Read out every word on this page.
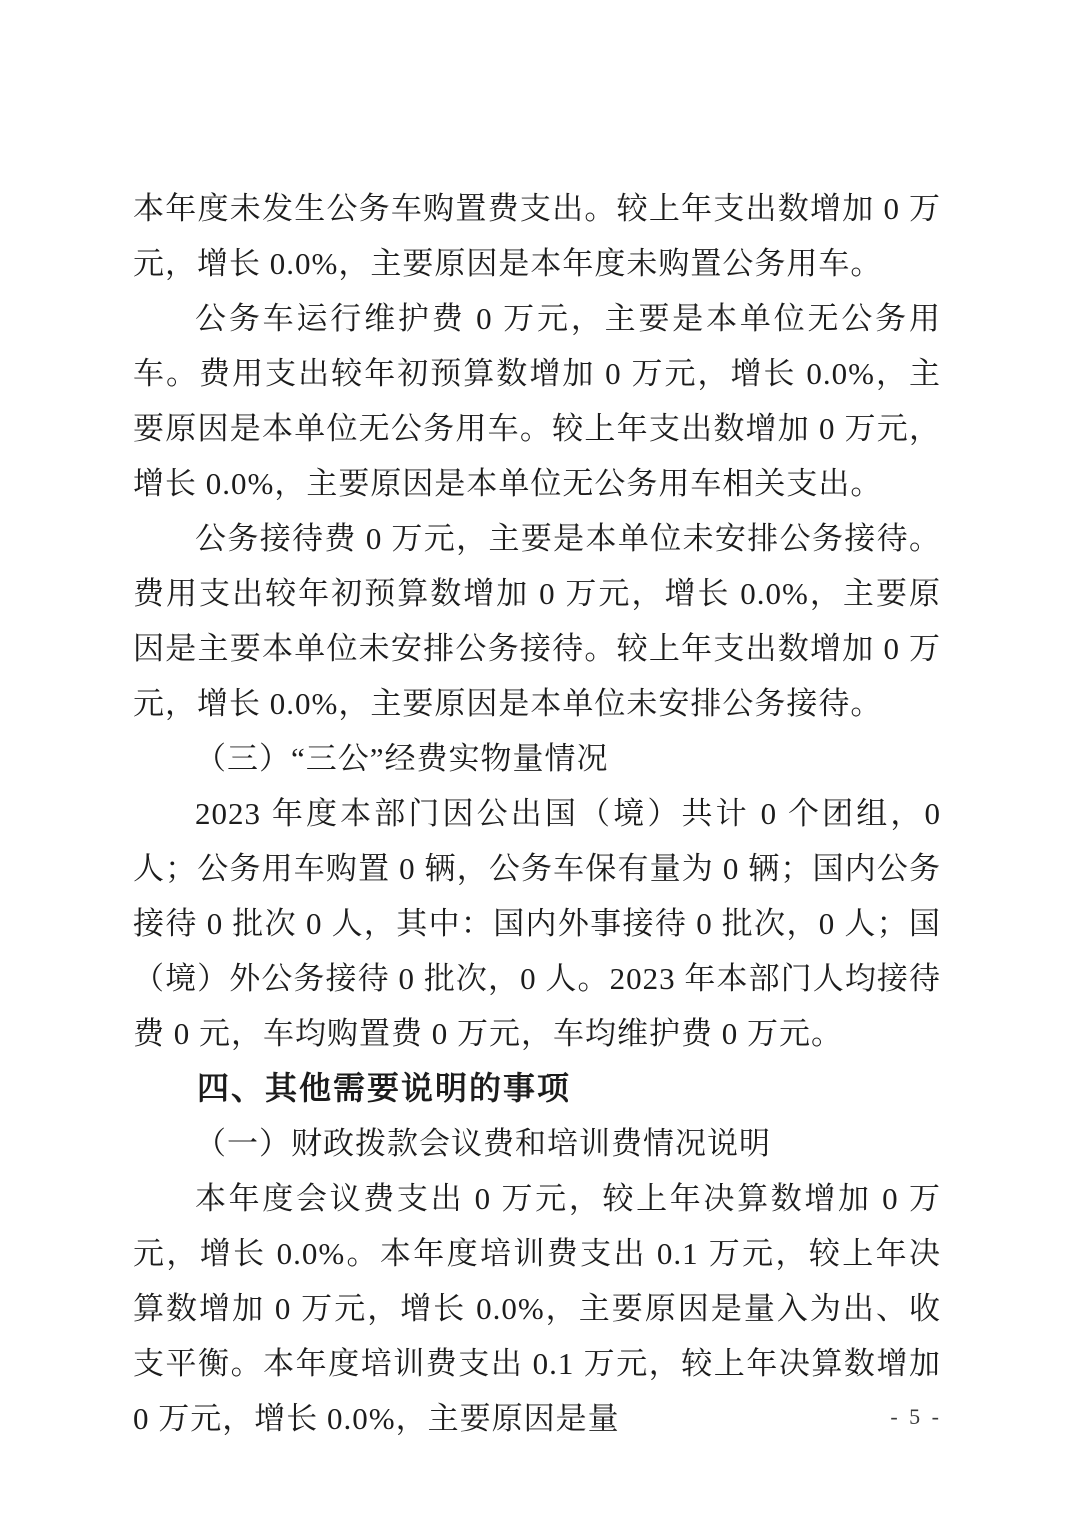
本年度未发生公务车购置费支出。较上年支出数增加 0 万元，增长 0.0%，主要原因是本年度未购置公务用车。

公务车运行维护费 0 万元，主要是本单位无公务用车。费用支出较年初预算数增加 0 万元，增长 0.0%，主要原因是本单位无公务用车。较上年支出数增加 0 万元，增长 0.0%，主要原因是本单位无公务用车相关支出。

公务接待费 0 万元，主要是本单位未安排公务接待。费用支出较年初预算数增加 0 万元，增长 0.0%，主要原因是主要本单位未安排公务接待。较上年支出数增加 0 万元，增长 0.0%，主要原因是本单位未安排公务接待。

（三）“三公”经费实物量情况

2023 年度本部门因公出国（境）共计 0 个团组，0 人；公务用车购置 0 辆，公务车保有量为 0 辆；国内公务接待 0 批次 0 人，其中：国内外事接待 0 批次，0 人；国（境）外公务接待 0 批次，0 人。2023 年本部门人均接待费 0 元，车均购置费 0 万元，车均维护费 0 万元。

四、其他需要说明的事项

（一）财政拨款会议费和培训费情况说明

本年度会议费支出 0 万元，较上年决算数增加 0 万元，增长 0.0%。本年度培训费支出 0.1 万元，较上年决算数增加 0 万元，增长 0.0%，主要原因是量入为出、收支平衡。本年度培训费支出 0.1 万元，较上年决算数增加 0 万元，增长 0.0%，主要原因是量	- 5 -
